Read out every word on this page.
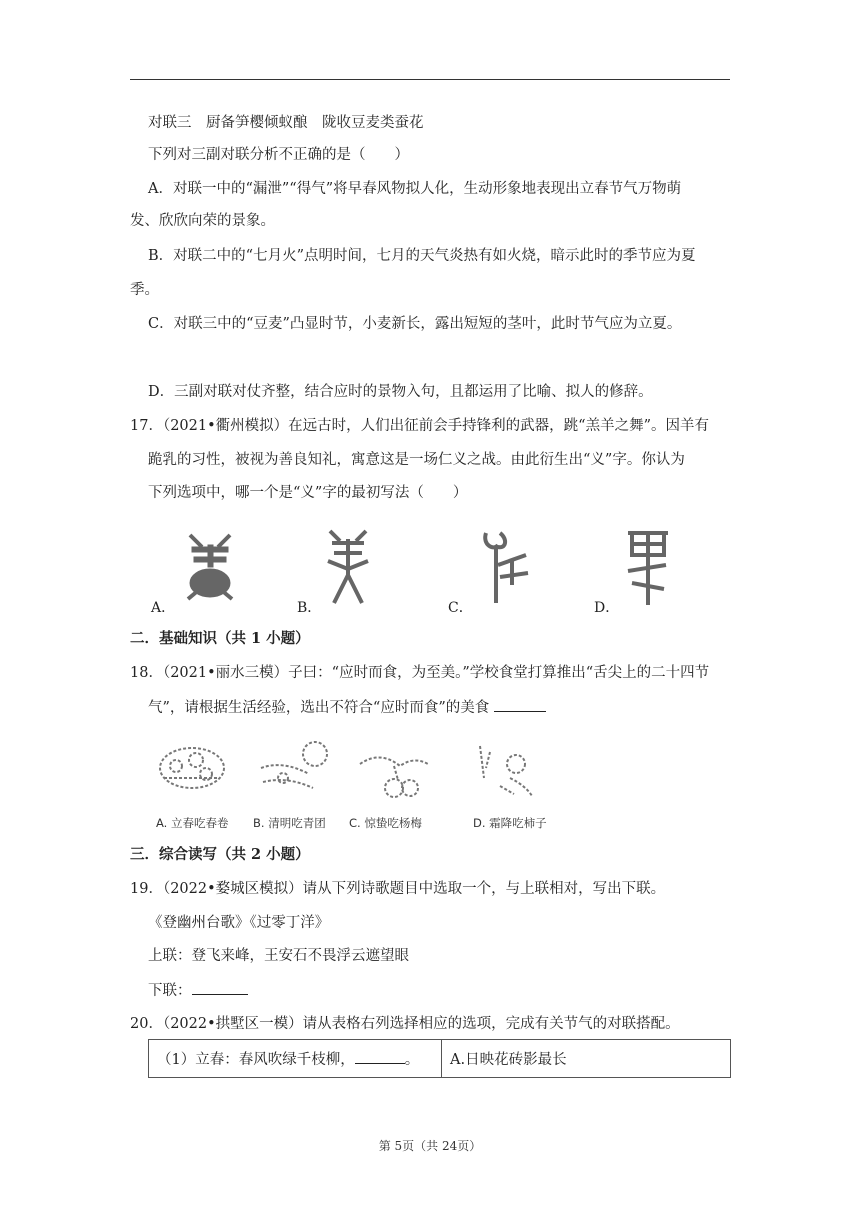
对联三　厨备笋樱倾蚁酿　陇收豆麦类蚕花
下列对三副对联分析不正确的是（　　）
A．对联一中的“漏泄”“得气”将早春风物拟人化，生动形象地表现出立春节气万物萌
发、欣欣向荣的景象。
B．对联二中的“七月火”点明时间，七月的天气炎热有如火烧，暗示此时的季节应为夏
季。
C．对联三中的“豆麦”凸显时节，小麦新长，露出短短的茎叶，此时节气应为立夏。
D．三副对联对仗齐整，结合应时的景物入句，且都运用了比喻、拟人的修辞。
17．（2021•衢州模拟）在远古时，人们出征前会手持锋利的武器，跳“羔羊之舞”。因羊有
跪乳的习性，被视为善良知礼，寓意这是一场仁义之战。由此衍生出“义”字。你认为
下列选项中，哪一个是“义”字的最初写法（　　）
A．	B．	C．	D．
二．基础知识（共 1 小题）
18．（2021•丽水三模）子曰：“应时而食，为至美。”学校食堂打算推出“舌尖上的二十四节
气”，请根据生活经验，选出不符合“应时而食”的美食
A. 立春吃春卷 B. 清明吃青团 C. 惊蛰吃杨梅	D. 霜降吃柿子
三．综合读写（共 2 小题）
19．（2022•婺城区模拟）请从下列诗歌题目中选取一个，与上联相对，写出下联。
《登幽州台歌》《过零丁洋》
上联：登飞来峰，王安石不畏浮云遮望眼
下联：
20．（2022•拱墅区一模）请从表格右列选择相应的选项，完成有关节气的对联搭配。
（1）立春：春风吹绿千枝柳，	。	A.日映花砖影最长
第 5页（共 24页）
